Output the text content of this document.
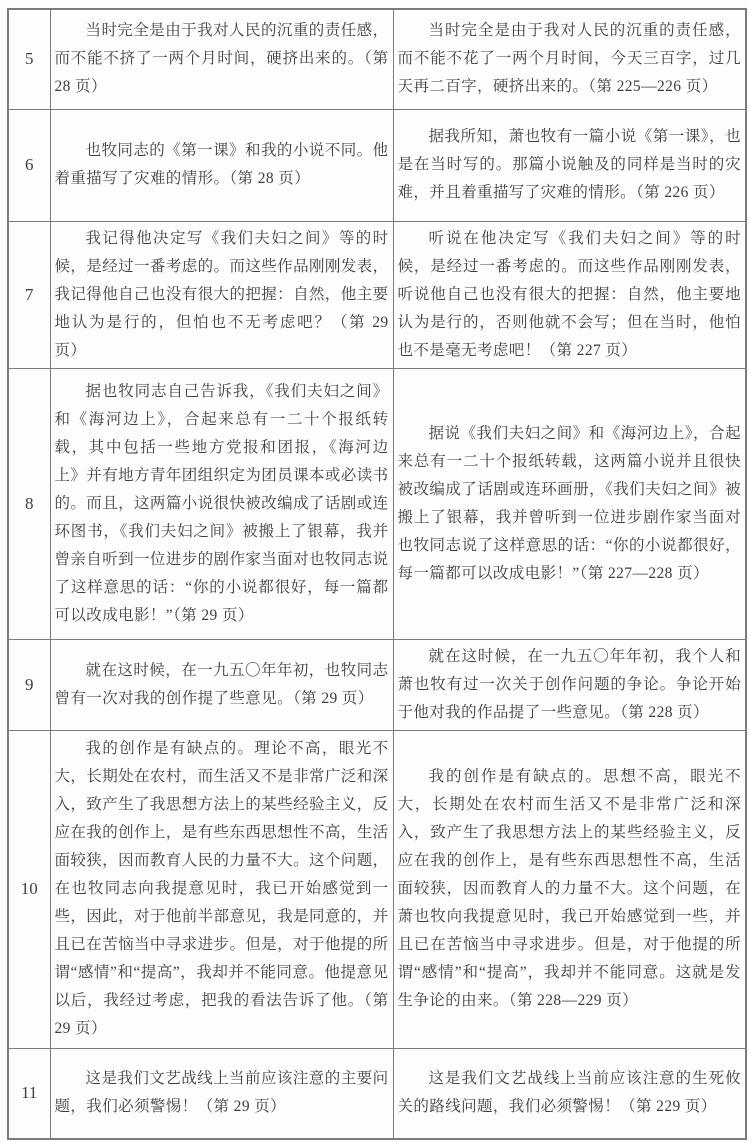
5	当时完全是由于我对人民的沉重的责任感，而不能不挤了一两个月时间，硬挤出来的。（第 28 页）	当时完全是由于我对人民的沉重的责任感，而不能不花了一两个月时间，今天三百字，过几天再二百字，硬挤出来的。（第 225—226 页）

6	也牧同志的《第一课》和我的小说不同。他着重描写了灾难的情形。（第 28 页）	据我所知，萧也牧有一篇小说《第一课》，也是在当时写的。那篇小说触及的同样是当时的灾难，并且着重描写了灾难的情形。（第 226 页）

7	我记得他决定写《我们夫妇之间》等的时候，是经过一番考虑的。而这些作品刚刚发表，我记得他自己也没有很大的把握：自然，他主要地认为是行的，但怕也不无考虑吧？（第 29 页）	听说在他决定写《我们夫妇之间》等的时候，是经过一番考虑的。而这些作品刚刚发表，听说他自己也没有很大的把握：自然，他主要地认为是行的，否则他就不会写；但在当时，他怕也不是毫无考虑吧！（第 227 页）

8	据也牧同志自己告诉我，《我们夫妇之间》和《海河边上》，合起来总有一二十个报纸转载，其中包括一些地方党报和团报，《海河边上》并有地方青年团组织定为团员课本或必读书的。而且，这两篇小说很快被改编成了话剧或连环图书，《我们夫妇之间》被搬上了银幕，我并曾亲自听到一位进步的剧作家当面对也牧同志说了这样意思的话：“你的小说都很好，每一篇都可以改成电影！”（第 29 页）	据说《我们夫妇之间》和《海河边上》，合起来总有一二十个报纸转载，这两篇小说并且很快被改编成了话剧或连环画册，《我们夫妇之间》被搬上了银幕，我并曾听到一位进步剧作家当面对也牧同志说了这样意思的话：“你的小说都很好，每一篇都可以改成电影！”（第 227—228 页）

9	就在这时候，在一九五〇年年初，也牧同志曾有一次对我的创作提了些意见。（第 29 页）	就在这时候，在一九五〇年年初，我个人和萧也牧有过一次关于创作问题的争论。争论开始于他对我的作品提了一些意见。（第 228 页）

10	我的创作是有缺点的。理论不高，眼光不大，长期处在农村，而生活又不是非常广泛和深入，致产生了我思想方法上的某些经验主义，反应在我的创作上，是有些东西思想性不高，生活面较狭，因而教育人民的力量不大。这个问题，在也牧同志向我提意见时，我已开始感觉到一些，因此，对于他前半部意见，我是同意的，并且已在苦恼当中寻求进步。但是，对于他提的所谓“感情”和“提高”，我却并不能同意。他提意见以后，我经过考虑，把我的看法告诉了他。（第 29 页）	我的创作是有缺点的。思想不高，眼光不大，长期处在农村而生活又不是非常广泛和深入，致产生了我思想方法上的某些经验主义，反应在我的创作上，是有些东西思想性不高，生活面较狭，因而教育人的力量不大。这个问题，在萧也牧向我提意见时，我已开始感觉到一些，并且已在苦恼当中寻求进步。但是，对于他提的所谓“感情”和“提高”，我却并不能同意。这就是发生争论的由来。（第 228—229 页）

11	这是我们文艺战线上当前应该注意的主要问题，我们必须警惕！（第 29 页）	这是我们文艺战线上当前应该注意的生死攸关的路线问题，我们必须警惕！（第 229 页）
